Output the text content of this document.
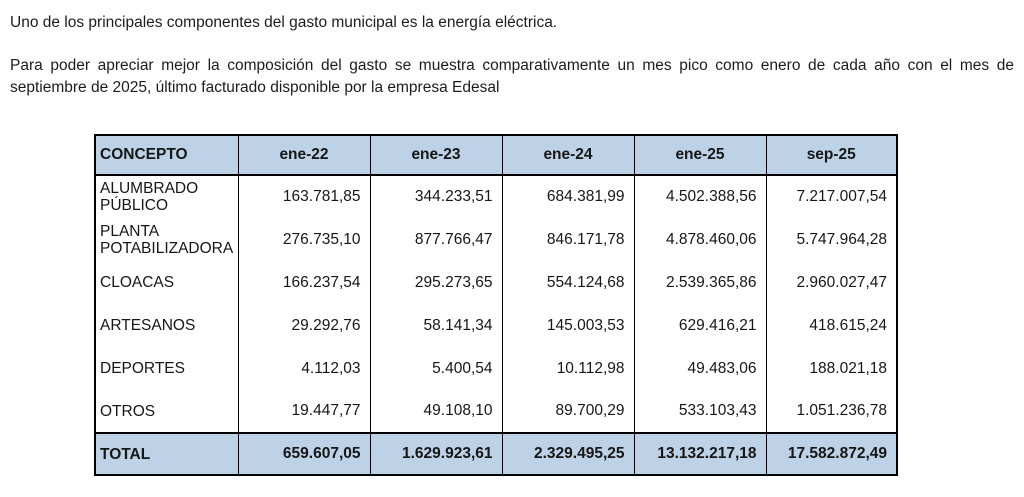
Uno de los principales componentes del gasto municipal es la energía eléctrica.

Para poder apreciar mejor la composición del gasto se muestra comparativamente un mes pico como enero de cada año con el mes de septiembre de 2025, último facturado disponible por la empresa Edesal

CONCEPTO	ene-22	ene-23	ene-24	ene-25	sep-25
ALUMBRADO PÚBLICO	163.781,85	344.233,51	684.381,99	4.502.388,56	7.217.007,54
PLANTA POTABILIZADORA	276.735,10	877.766,47	846.171,78	4.878.460,06	5.747.964,28
CLOACAS	166.237,54	295.273,65	554.124,68	2.539.365,86	2.960.027,47
ARTESANOS	29.292,76	58.141,34	145.003,53	629.416,21	418.615,24
DEPORTES	4.112,03	5.400,54	10.112,98	49.483,06	188.021,18
OTROS	19.447,77	49.108,10	89.700,29	533.103,43	1.051.236,78
TOTAL	659.607,05	1.629.923,61	2.329.495,25	13.132.217,18	17.582.872,49
